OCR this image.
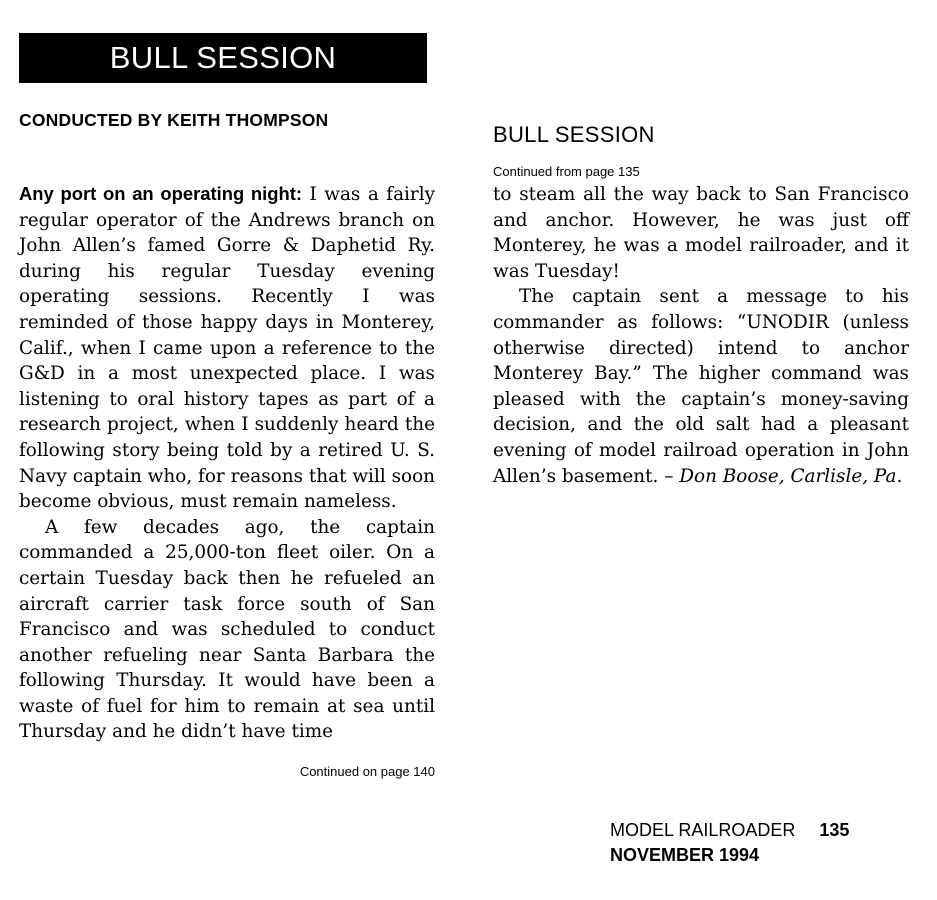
BULL SESSION
CONDUCTED BY KEITH THOMPSON

Any port on an operating night: I was a fairly regular operator of the Andrews branch on John Allen’s famed Gorre & Daphetid Ry. during his regular Tuesday evening operating sessions. Recently I was reminded of those happy days in Monterey, Calif., when I came upon a reference to the G&D in a most unexpected place. I was listening to oral history tapes as part of a research project, when I suddenly heard the following story being told by a retired U. S. Navy captain who, for reasons that will soon become obvious, must remain nameless.

A few decades ago, the captain commanded a 25,000-ton fleet oiler. On a certain Tuesday back then he refueled an aircraft carrier task force south of San Francisco and was scheduled to conduct another refueling near Santa Barbara the following Thursday. It would have been a waste of fuel for him to remain at sea until Thursday and he didn’t have time

Continued on page 140
BULL SESSION
Continued from page 135

to steam all the way back to San Francisco and anchor. However, he was just off Monterey, he was a model railroader, and it was Tuesday!

The captain sent a message to his commander as follows: “UNODIR (unless otherwise directed) intend to anchor Monterey Bay.” The higher command was pleased with the captain’s money-saving decision, and the old salt had a pleasant evening of model railroad operation in John Allen’s basement. – Don Boose, Carlisle, Pa.

MODEL RAILROADER 135
NOVEMBER 1994
